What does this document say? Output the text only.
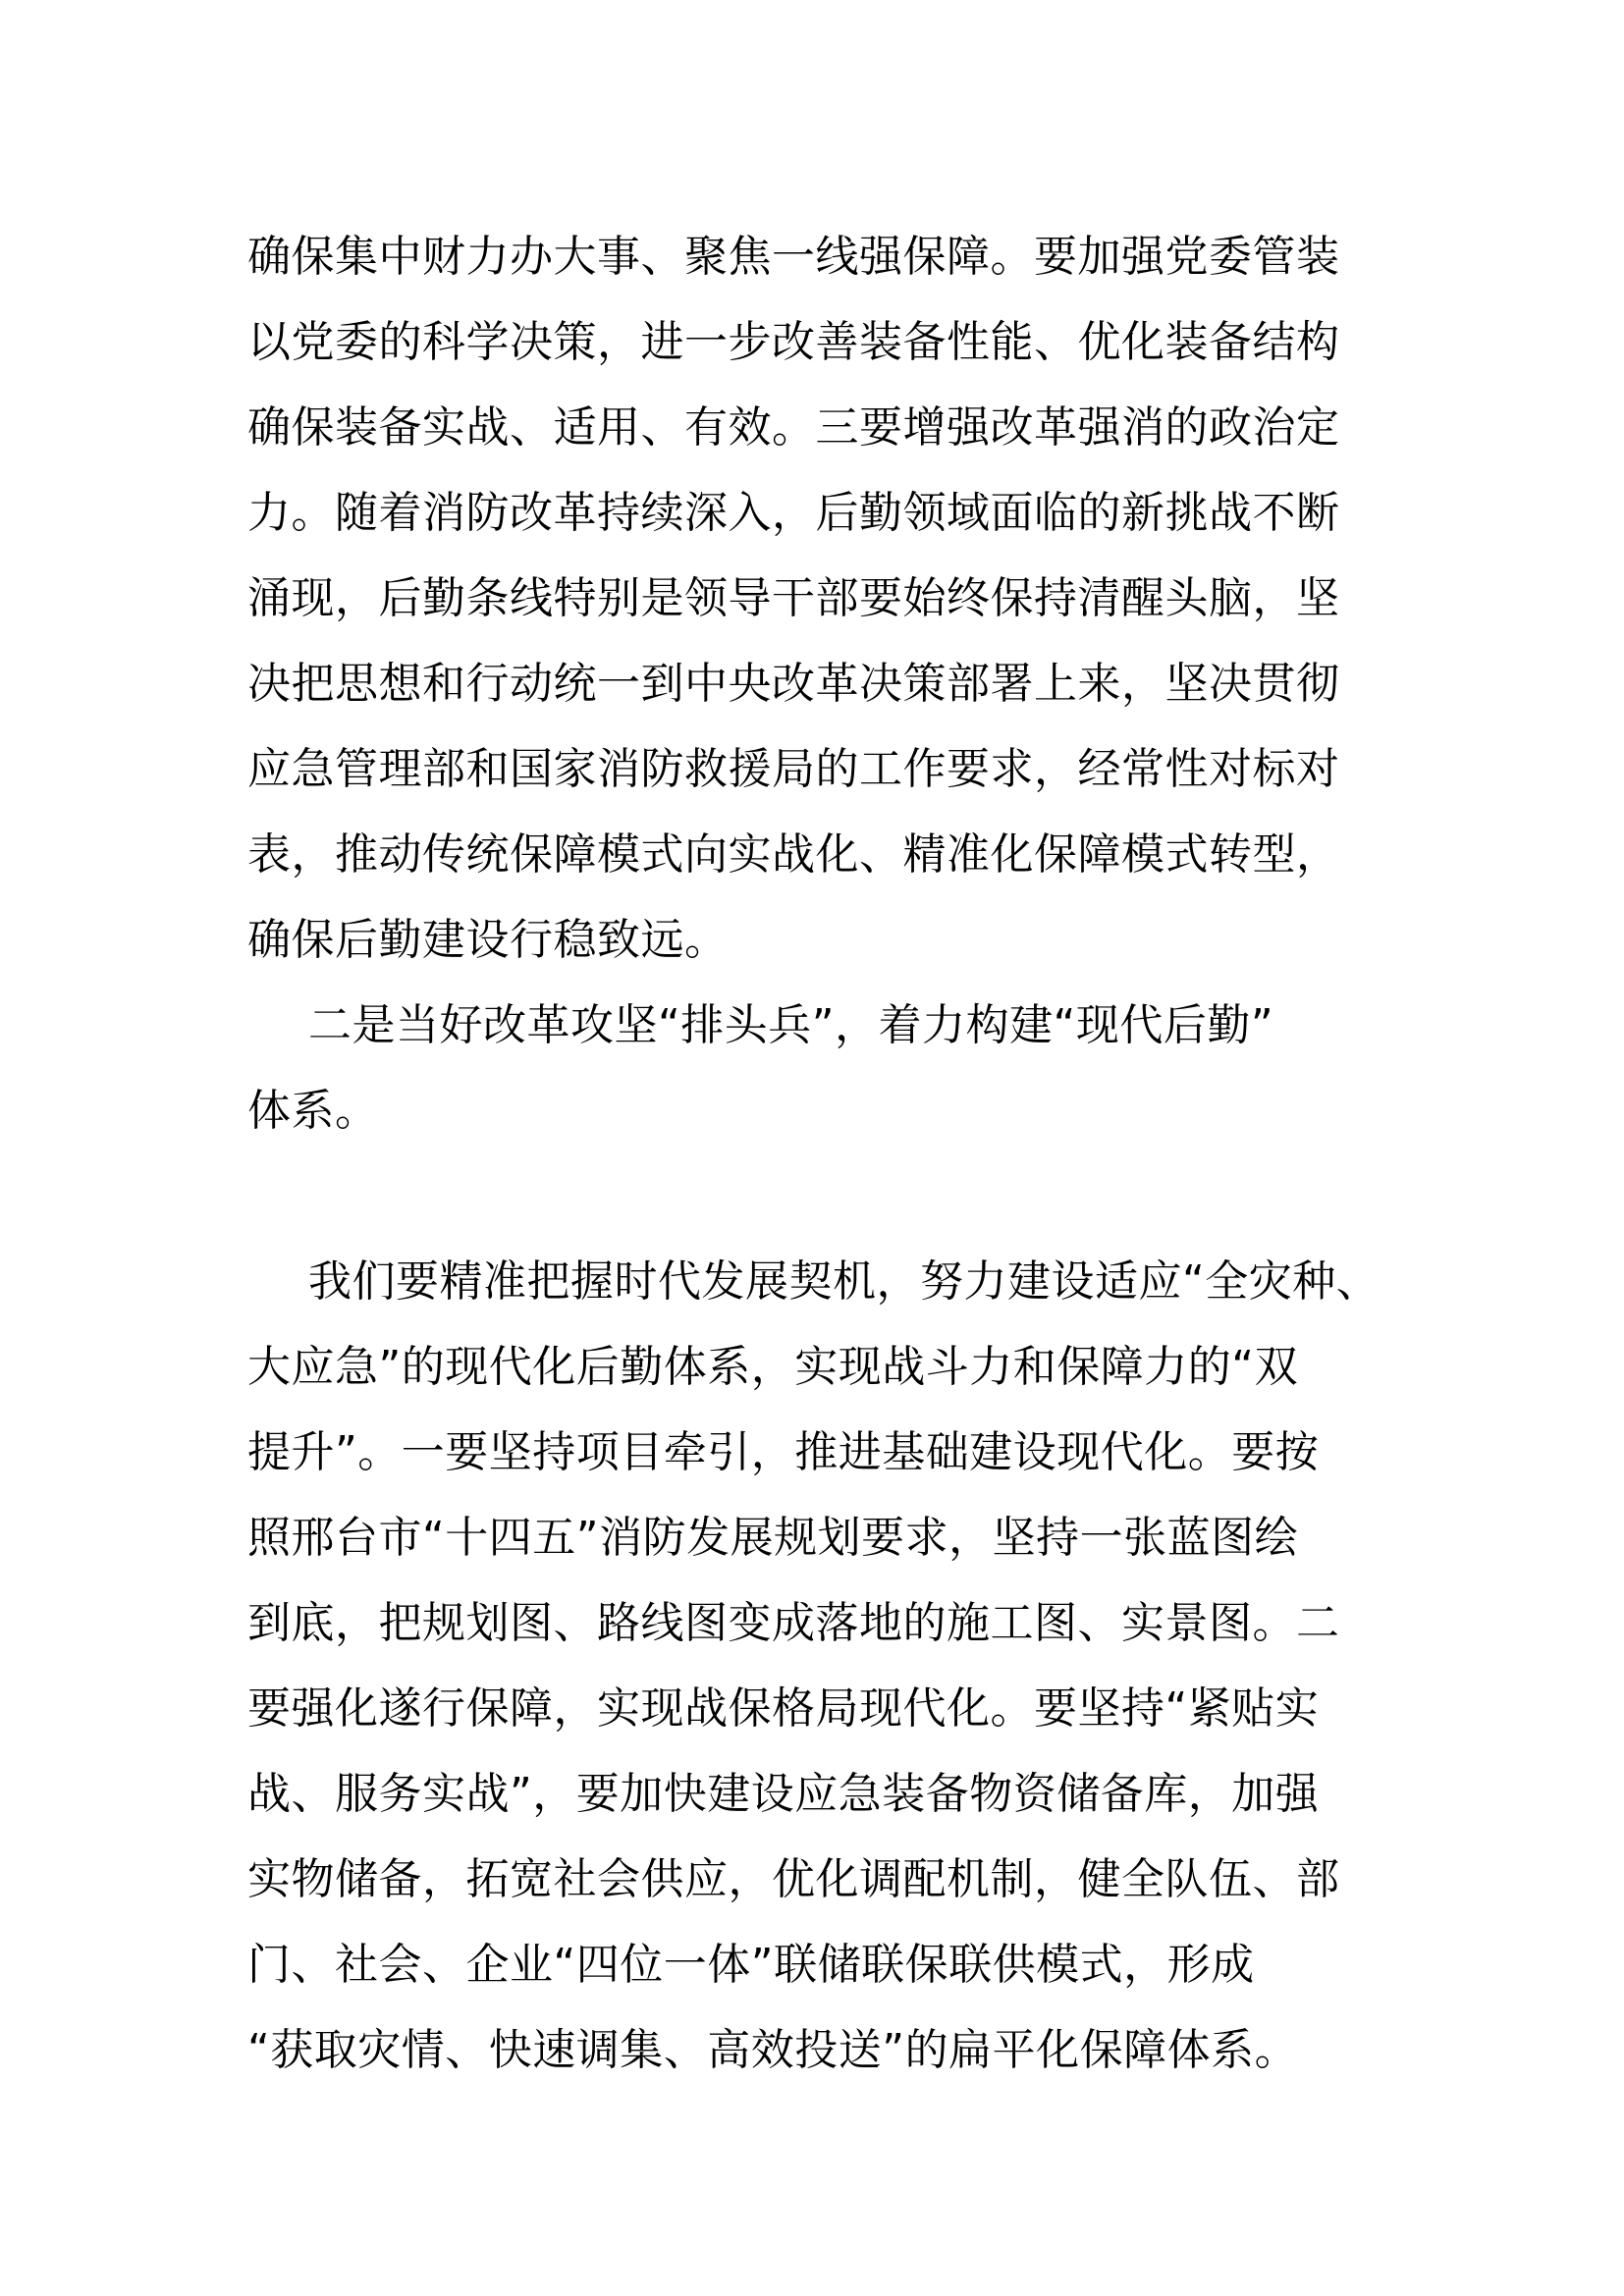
确保集中财力办大事、聚焦一线强保障。要加强党委管装
以党委的科学决策，进一步改善装备性能、优化装备结构
确保装备实战、适用、有效。三要增强改革强消的政治定
力。随着消防改革持续深入，后勤领域面临的新挑战不断
涌现，后勤条线特别是领导干部要始终保持清醒头脑，坚
决把思想和行动统一到中央改革决策部署上来，坚决贯彻
应急管理部和国家消防救援局的工作要求，经常性对标对
表，推动传统保障模式向实战化、精准化保障模式转型，
确保后勤建设行稳致远。
二是当好改革攻坚“排头兵”，着力构建“现代后勤”
体系。
我们要精准把握时代发展契机，努力建设适应“全灾种、
大应急”的现代化后勤体系，实现战斗力和保障力的“双
提升”。一要坚持项目牵引，推进基础建设现代化。要按
照邢台市“十四五”消防发展规划要求，坚持一张蓝图绘
到底，把规划图、路线图变成落地的施工图、实景图。二
要强化遂行保障，实现战保格局现代化。要坚持“紧贴实
战、服务实战”，要加快建设应急装备物资储备库，加强
实物储备，拓宽社会供应，优化调配机制，健全队伍、部
门、社会、企业“四位一体”联储联保联供模式，形成
“获取灾情、快速调集、高效投送”的扁平化保障体系。
